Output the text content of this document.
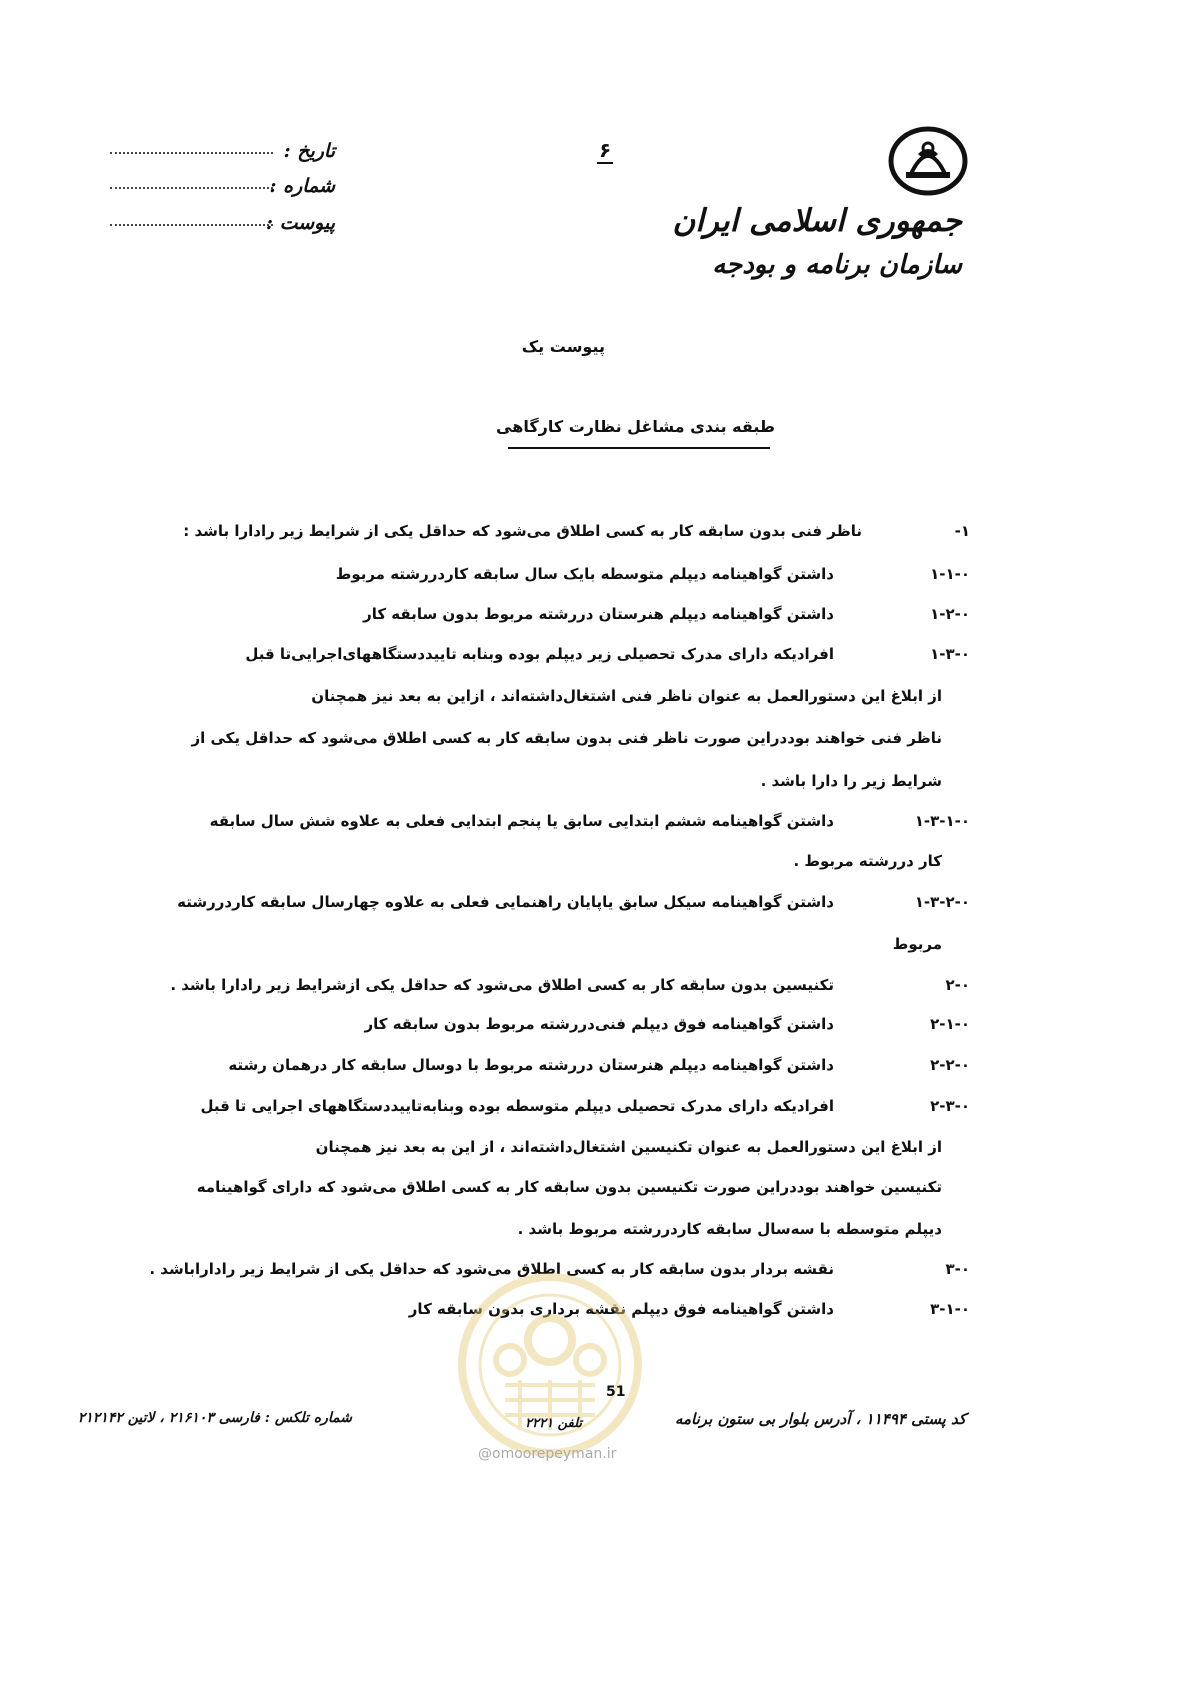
جمهوری اسلامی ایران
سازمان برنامه و بودجه
۶
تاریخ :
شماره :
پیوست :
پیوست یک
طبقه بندی مشاغل نظارت کارگاهی
-۱
ناظر فنی بدون سابقه کار به کسی اطلاق می‌شود که حداقل یکی از شرایط زیر رادارا باشد :
۱-۱-۰
داشتن گواهینامه دیپلم متوسطه بایک سال سابقه کاردررشته مربوط
۱-۲-۰
داشتن گواهینامه دیپلم هنرستان دررشته مربوط بدون سابقه کار
۱-۳-۰
افرادیکه دارای مدرک تحصیلی زیر دیپلم بوده وبنابه تاییددستگاههای‌اجرایی‌تا قبل
از ابلاغ این دستورالعمل به عنوان ناظر فنی اشتغال‌داشته‌اند ، ازاین به بعد نیز همچنان
ناظر فنی خواهند بوددراین صورت ناظر فنی بدون سابقه کار به کسی اطلاق می‌شود که حداقل یکی از
شرایط زیر را دارا باشد .
۱-۳-۱-۰
داشتن گواهینامه ششم ابتدایی سابق یا پنجم ابتدایی فعلی به علاوه شش سال سابقه
کار دررشته مربوط .
۱-۳-۲-۰
داشتن گواهینامه سیکل سابق یاپایان راهنمایی فعلی به علاوه چهارسال سابقه کاردررشته
مربوط
۲-۰
تکنیسین بدون سابقه کار به کسی اطلاق می‌شود که حداقل یکی ازشرایط زیر رادارا باشد .
۲-۱-۰
داشتن گواهینامه فوق دیپلم فنی‌دررشته مربوط بدون سابقه کار
۲-۲-۰
داشتن گواهینامه دیپلم هنرستان دررشته مربوط با دوسال سابقه کار درهمان رشته
۲-۳-۰
افرادیکه دارای مدرک تحصیلی دیپلم متوسطه بوده وبنابه‌تاییددستگاههای اجرایی تا قبل
از ابلاغ این دستورالعمل به عنوان تکنیسین اشتغال‌داشته‌اند ، از این به بعد نیز همچنان
تکنیسین خواهند بوددراین صورت تکنیسین بدون سابقه کار به کسی اطلاق می‌شود که دارای گواهینامه
دیپلم متوسطه با سه‌سال سابقه کاردررشته مربوط باشد .
۳-۰
نقشه بردار بدون سابقه کار به کسی اطلاق می‌شود که حداقل یکی از شرایط زیر رادارا‌باشد .
۳-۱-۰
داشتن گواهینامه فوق دیپلم نقشه برداری بدون سابقه کار
51
@omoorepeyman.ir
شماره تلکس : فارسی ۲۱۶۱۰۳ ، لاتین ۲۱۲۱۴۲	تلفن ۲۲۲۱	کد پستی ۱۱۴۹۴ ، آدرس بلوار بی ستون برنامه
